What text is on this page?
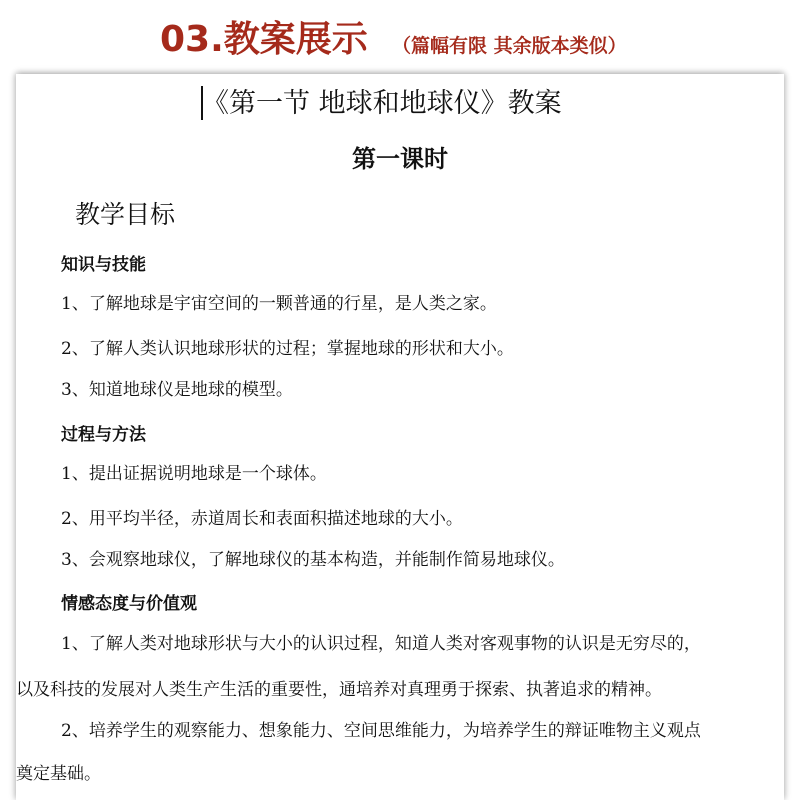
03.教案展示 （篇幅有限 其余版本类似）
《第一节 地球和地球仪》教案
第一课时
教学目标
知识与技能
1、了解地球是宇宙空间的一颗普通的行星，是人类之家。
2、了解人类认识地球形状的过程；掌握地球的形状和大小。
3、知道地球仪是地球的模型。
过程与方法
1、提出证据说明地球是一个球体。
2、用平均半径，赤道周长和表面积描述地球的大小。
3、会观察地球仪，了解地球仪的基本构造，并能制作简易地球仪。
情感态度与价值观
1、了解人类对地球形状与大小的认识过程，知道人类对客观事物的认识是无穷尽的，
以及科技的发展对人类生产生活的重要性，通培养对真理勇于探索、执著追求的精神。
2、培养学生的观察能力、想象能力、空间思维能力，为培养学生的辩证唯物主义观点
奠定基础。
